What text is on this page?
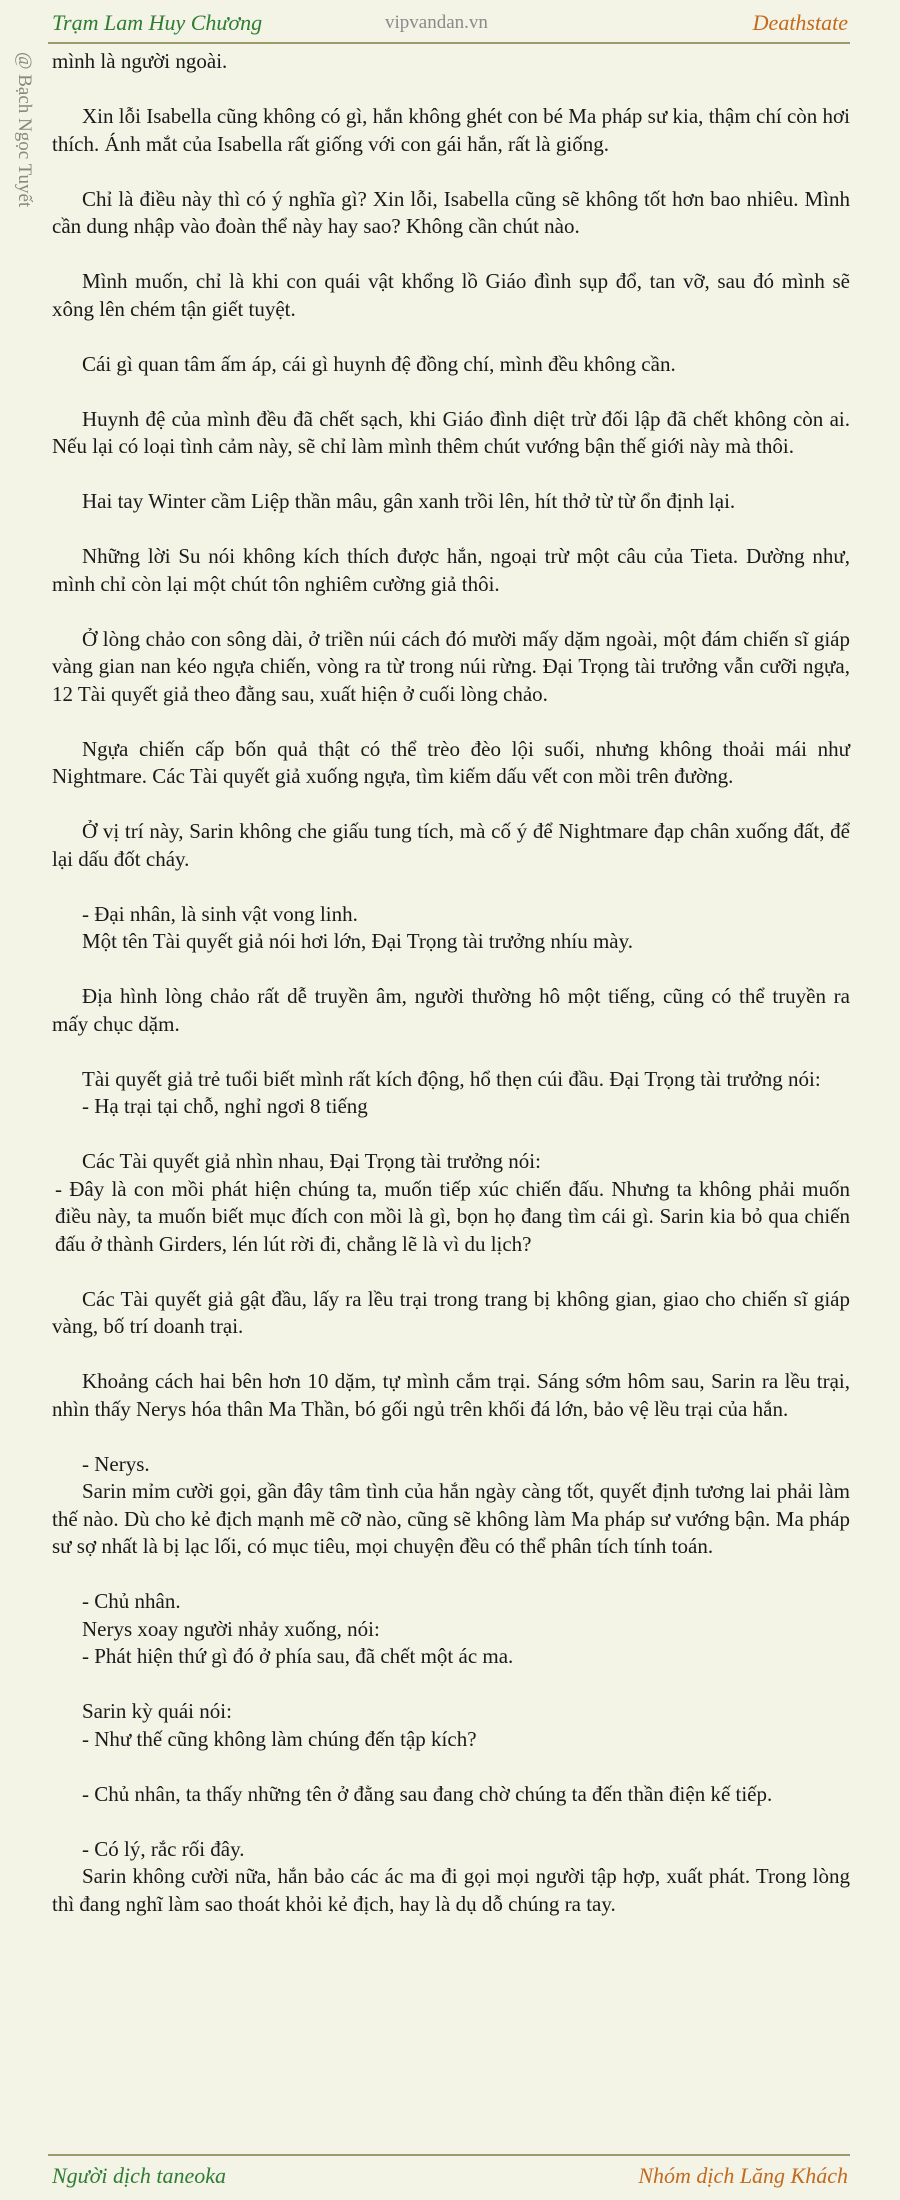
Trạm Lam Huy Chương	vipvandan.vn	Deathstate
@ Bạch Ngọc Tuyết mình là người ngoài.

Xin lỗi Isabella cũng không có gì, hắn không ghét con bé Ma pháp sư kia, thậm chí còn hơi thích. Ánh mắt của Isabella rất giống với con gái hắn, rất là giống.

Chỉ là điều này thì có ý nghĩa gì? Xin lỗi, Isabella cũng sẽ không tốt hơn bao nhiêu. Mình cần dung nhập vào đoàn thể này hay sao? Không cần chút nào.

Mình muốn, chỉ là khi con quái vật khổng lồ Giáo đình sụp đổ, tan vỡ, sau đó mình sẽ xông lên chém tận giết tuyệt.

Cái gì quan tâm ấm áp, cái gì huynh đệ đồng chí, mình đều không cần.

Huynh đệ của mình đều đã chết sạch, khi Giáo đình diệt trừ đối lập đã chết không còn ai. Nếu lại có loại tình cảm này, sẽ chỉ làm mình thêm chút vướng bận thế giới này mà thôi.

Hai tay Winter cầm Liệp thần mâu, gân xanh trồi lên, hít thở từ từ ổn định lại.

Những lời Su nói không kích thích được hắn, ngoại trừ một câu của Tieta. Dường như, mình chỉ còn lại một chút tôn nghiêm cường giả thôi.

Ở lòng chảo con sông dài, ở triền núi cách đó mười mấy dặm ngoài, một đám chiến sĩ giáp vàng gian nan kéo ngựa chiến, vòng ra từ trong núi rừng. Đại Trọng tài trưởng vẫn cưỡi ngựa, 12 Tài quyết giả theo đằng sau, xuất hiện ở cuối lòng chảo.

Ngựa chiến cấp bốn quả thật có thể trèo đèo lội suối, nhưng không thoải mái như Nightmare. Các Tài quyết giả xuống ngựa, tìm kiếm dấu vết con mồi trên đường.

Ở vị trí này, Sarin không che giấu tung tích, mà cố ý để Nightmare đạp chân xuống đất, để lại dấu đốt cháy.

- Đại nhân, là sinh vật vong linh.
Một tên Tài quyết giả nói hơi lớn, Đại Trọng tài trưởng nhíu mày.

Địa hình lòng chảo rất dễ truyền âm, người thường hô một tiếng, cũng có thể truyền ra mấy chục dặm.

Tài quyết giả trẻ tuổi biết mình rất kích động, hổ thẹn cúi đầu. Đại Trọng tài trưởng nói:
- Hạ trại tại chỗ, nghỉ ngơi 8 tiếng

Các Tài quyết giả nhìn nhau, Đại Trọng tài trưởng nói:
- Đây là con mồi phát hiện chúng ta, muốn tiếp xúc chiến đấu. Nhưng ta không phải muốn điều này, ta muốn biết mục đích con mồi là gì, bọn họ đang tìm cái gì. Sarin kia bỏ qua chiến đấu ở thành Girders, lén lút rời đi, chẳng lẽ là vì du lịch?

Các Tài quyết giả gật đầu, lấy ra lều trại trong trang bị không gian, giao cho chiến sĩ giáp vàng, bố trí doanh trại.

Khoảng cách hai bên hơn 10 dặm, tự mình cắm trại. Sáng sớm hôm sau, Sarin ra lều trại, nhìn thấy Nerys hóa thân Ma Thần, bó gối ngủ trên khối đá lớn, bảo vệ lều trại của hắn.

- Nerys.
Sarin mỉm cười gọi, gần đây tâm tình của hắn ngày càng tốt, quyết định tương lai phải làm thế nào. Dù cho kẻ địch mạnh mẽ cỡ nào, cũng sẽ không làm Ma pháp sư vướng bận. Ma pháp sư sợ nhất là bị lạc lối, có mục tiêu, mọi chuyện đều có thể phân tích tính toán.

- Chủ nhân.
Nerys xoay người nhảy xuống, nói:
- Phát hiện thứ gì đó ở phía sau, đã chết một ác ma.

Sarin kỳ quái nói:
- Như thế cũng không làm chúng đến tập kích?

- Chủ nhân, ta thấy những tên ở đằng sau đang chờ chúng ta đến thần điện kế tiếp.

- Có lý, rắc rối đây.
Sarin không cười nữa, hắn bảo các ác ma đi gọi mọi người tập hợp, xuất phát. Trong lòng thì đang nghĩ làm sao thoát khỏi kẻ địch, hay là dụ dỗ chúng ra tay.

Người dịch taneoka	Nhóm dịch Lăng Khách
